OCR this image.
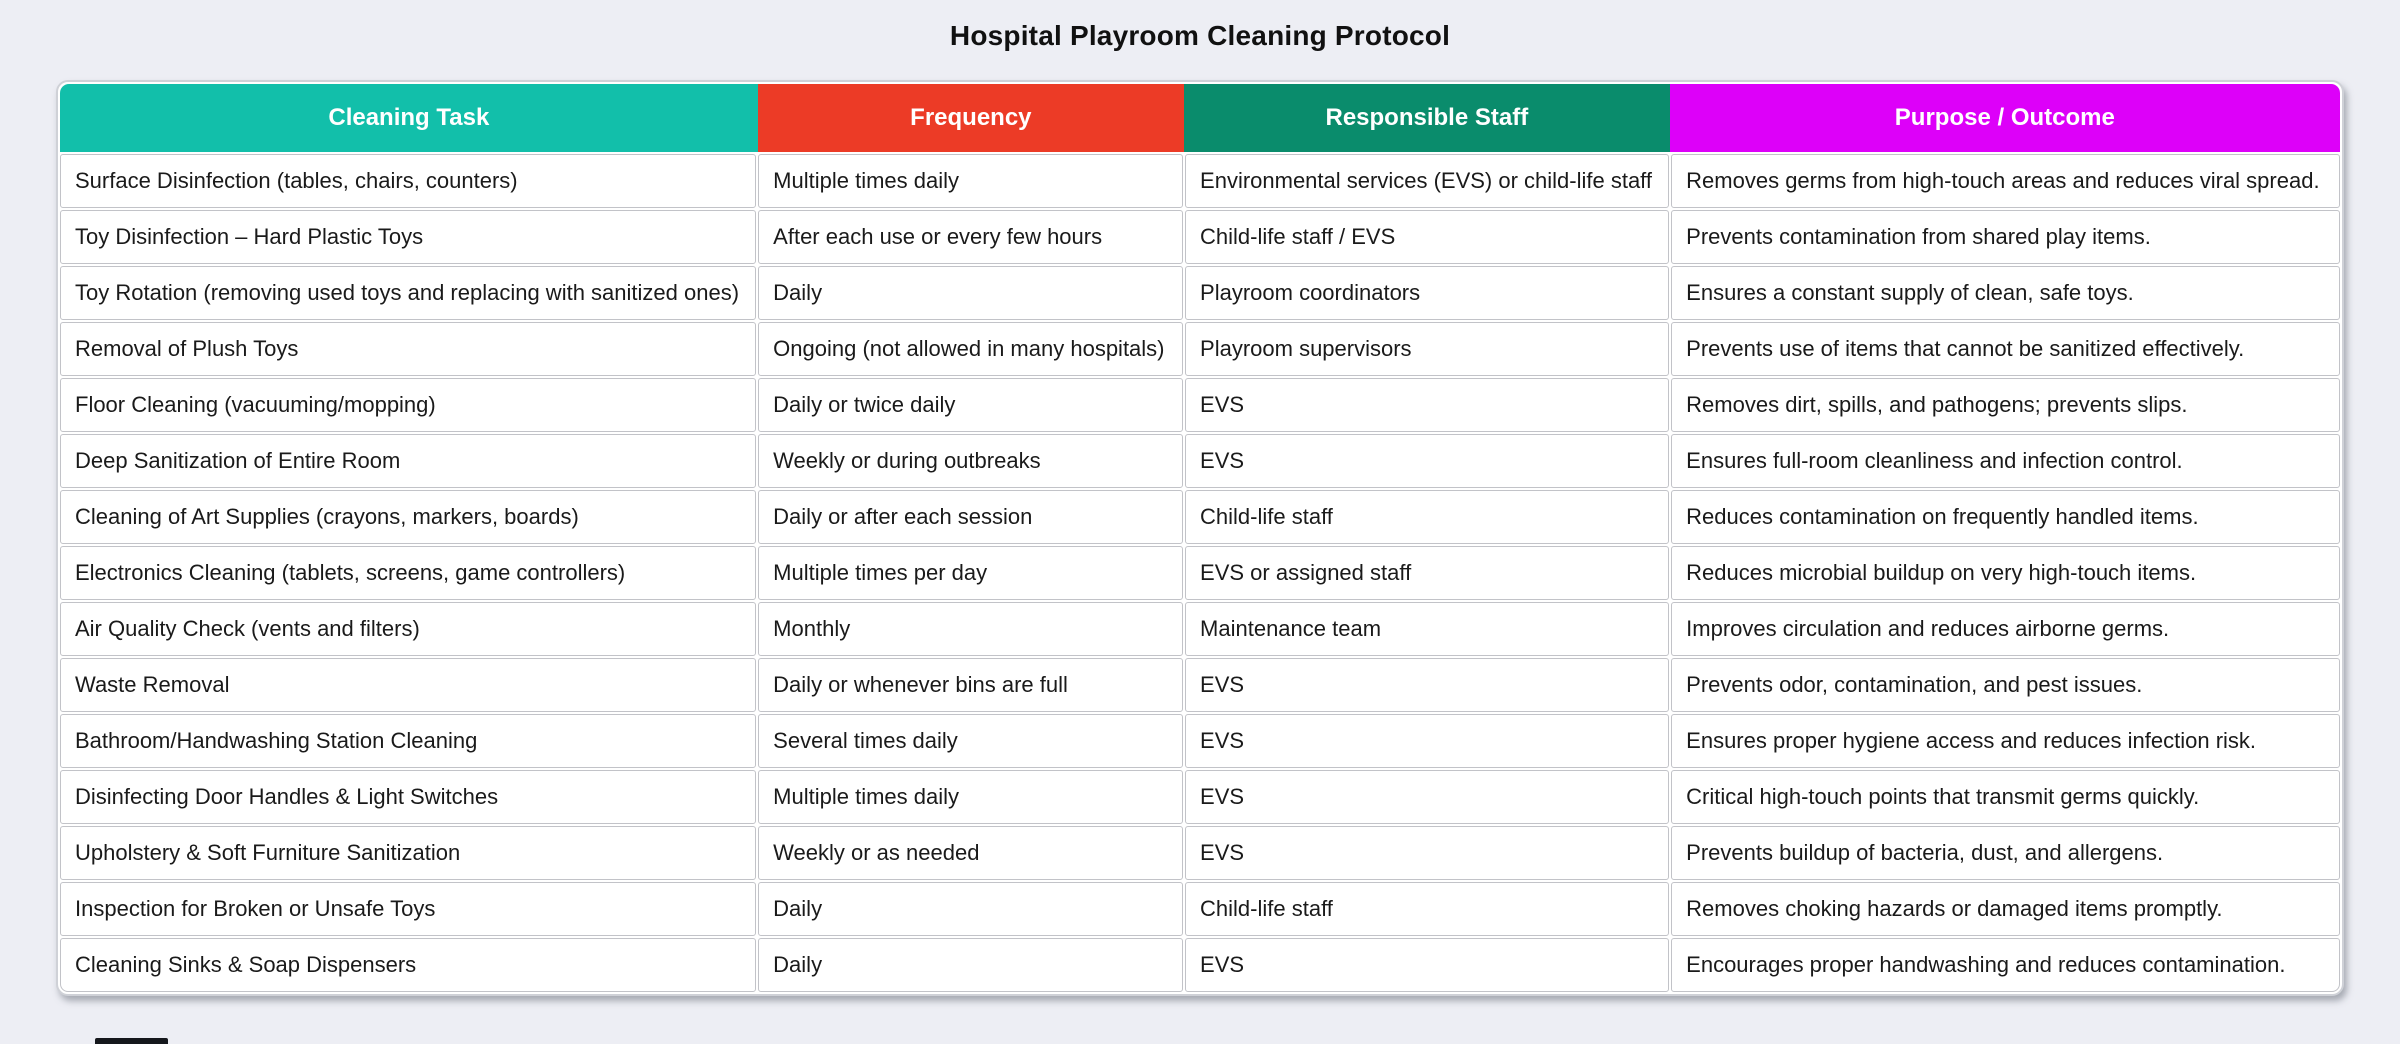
Hospital Playroom Cleaning Protocol
Cleaning Task	Frequency	Responsible Staff	Purpose / Outcome
Surface Disinfection (tables, chairs, counters)	Multiple times daily	Environmental services (EVS) or child-life staff	Removes germs from high-touch areas and reduces viral spread.
Toy Disinfection – Hard Plastic Toys	After each use or every few hours	Child-life staff / EVS	Prevents contamination from shared play items.
Toy Rotation (removing used toys and replacing with sanitized ones)	Daily	Playroom coordinators	Ensures a constant supply of clean, safe toys.
Removal of Plush Toys	Ongoing (not allowed in many hospitals)	Playroom supervisors	Prevents use of items that cannot be sanitized effectively.
Floor Cleaning (vacuuming/mopping)	Daily or twice daily	EVS	Removes dirt, spills, and pathogens; prevents slips.
Deep Sanitization of Entire Room	Weekly or during outbreaks	EVS	Ensures full-room cleanliness and infection control.
Cleaning of Art Supplies (crayons, markers, boards)	Daily or after each session	Child-life staff	Reduces contamination on frequently handled items.
Electronics Cleaning (tablets, screens, game controllers)	Multiple times per day	EVS or assigned staff	Reduces microbial buildup on very high-touch items.
Air Quality Check (vents and filters)	Monthly	Maintenance team	Improves circulation and reduces airborne germs.
Waste Removal	Daily or whenever bins are full	EVS	Prevents odor, contamination, and pest issues.
Bathroom/Handwashing Station Cleaning	Several times daily	EVS	Ensures proper hygiene access and reduces infection risk.
Disinfecting Door Handles & Light Switches	Multiple times daily	EVS	Critical high-touch points that transmit germs quickly.
Upholstery & Soft Furniture Sanitization	Weekly or as needed	EVS	Prevents buildup of bacteria, dust, and allergens.
Inspection for Broken or Unsafe Toys	Daily	Child-life staff	Removes choking hazards or damaged items promptly.
Cleaning Sinks & Soap Dispensers	Daily	EVS	Encourages proper handwashing and reduces contamination.
